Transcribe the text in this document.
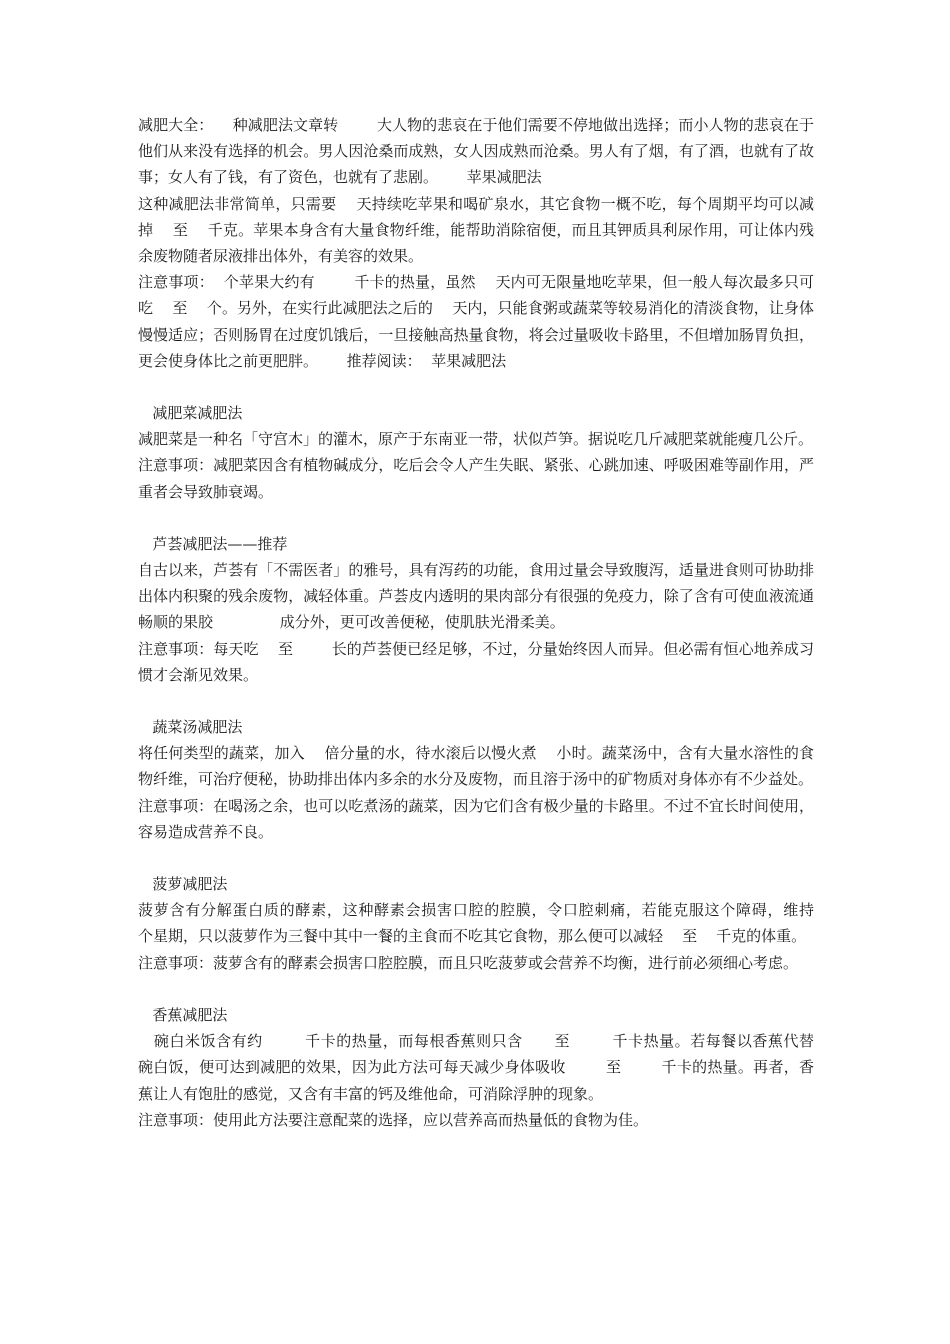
减肥大全：    种减肥法文章转        大人物的悲哀在于他们需要不停地做出选择；而小人物的悲哀在于他们从来没有选择的机会。男人因沧桑而成熟，女人因成熟而沧桑。男人有了烟，有了酒，也就有了故事；女人有了钱，有了资色，也就有了悲剧。      苹果减肥法

这种减肥法非常简单，只需要    天持续吃苹果和喝矿泉水，其它食物一概不吃，每个周期平均可以减掉    至    千克。苹果本身含有大量食物纤维，能帮助消除宿便，而且其钾质具利尿作用，可让体内残余废物随者尿液排出体外，有美容的效果。

注意事项：  个苹果大约有        千卡的热量，虽然    天内可无限量地吃苹果，但一般人每次最多只可吃    至    个。另外，在实行此减肥法之后的    天内，只能食粥或蔬菜等较易消化的清淡食物，让身体慢慢适应；否则肠胃在过度饥饿后，一旦接触高热量食物，将会过量吸收卡路里，不但增加肠胃负担，更会使身体比之前更肥胖。      推荐阅读：  苹果减肥法

减肥菜减肥法

减肥菜是一种名「守宫木」的灌木，原产于东南亚一带，状似芦笋。据说吃几斤减肥菜就能瘦几公斤。

注意事项：减肥菜因含有植物碱成分，吃后会令人产生失眠、紧张、心跳加速、呼吸困难等副作用，严重者会导致肺衰竭。

芦荟减肥法——推荐

自古以来，芦荟有「不需医者」的雅号，具有泻药的功能，食用过量会导致腹泻，适量进食则可协助排出体内积聚的残余废物，减轻体重。芦荟皮内透明的果肉部分有很强的免疫力，除了含有可使血液流通畅顺的果胶              成分外，更可改善便秘，使肌肤光滑柔美。

注意事项：每天吃    至        长的芦荟便已经足够，不过，分量始终因人而异。但必需有恒心地养成习惯才会渐见效果。

蔬菜汤减肥法

将任何类型的蔬菜，加入    倍分量的水，待水滚后以慢火煮    小时。蔬菜汤中，含有大量水溶性的食物纤维，可治疗便秘，协助排出体内多余的水分及废物，而且溶于汤中的矿物质对身体亦有不少益处。

注意事项：在喝汤之余，也可以吃煮汤的蔬菜，因为它们含有极少量的卡路里。不过不宜长时间使用，容易造成营养不良。

菠萝减肥法

菠萝含有分解蛋白质的酵素，这种酵素会损害口腔的腔膜，令口腔刺痛，若能克服这个障碍，维持    个星期，只以菠萝作为三餐中其中一餐的主食而不吃其它食物，那么便可以减轻    至    千克的体重。

注意事项：菠萝含有的酵素会损害口腔腔膜，而且只吃菠萝或会营养不均衡，进行前必须细心考虑。

香蕉减肥法

碗白米饭含有约        千卡的热量，而每根香蕉则只含      至        千卡热量。若每餐以香蕉代替    碗白饭，便可达到减肥的效果，因为此方法可每天减少身体吸收        至        千卡的热量。再者，香蕉让人有饱肚的感觉，又含有丰富的钙及维他命，可消除浮肿的现象。

注意事项：使用此方法要注意配菜的选择，应以营养高而热量低的食物为佳。
